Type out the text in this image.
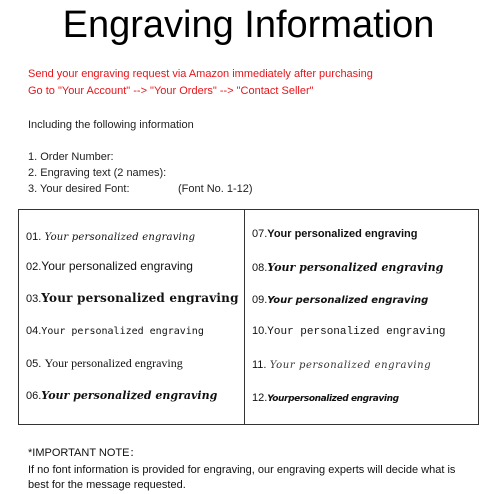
Engraving Information
Send your engraving request via Amazon immediately after purchasing
Go to "Your Account" --> "Your Orders" --> "Contact Seller"
Including the following information
1. Order Number:
2. Engraving text (2 names):
3. Your desired Font:	(Font No. 1-12)
01. Your personalized engraving
02.Your personalized engraving
03.Your personalized engraving
04.Your personalized engraving
05. Your personalized engraving
06.Your personalized engraving
07.Your personalized engraving
08.Your personalized engraving
09.Your personalized engraving
10.Your personalized engraving
11. Your personalized engraving
12.Yourpersonalized engraving
*IMPORTANT NOTE：
If no font information is provided for engraving, our engraving experts will decide what is
best for the message requested.
